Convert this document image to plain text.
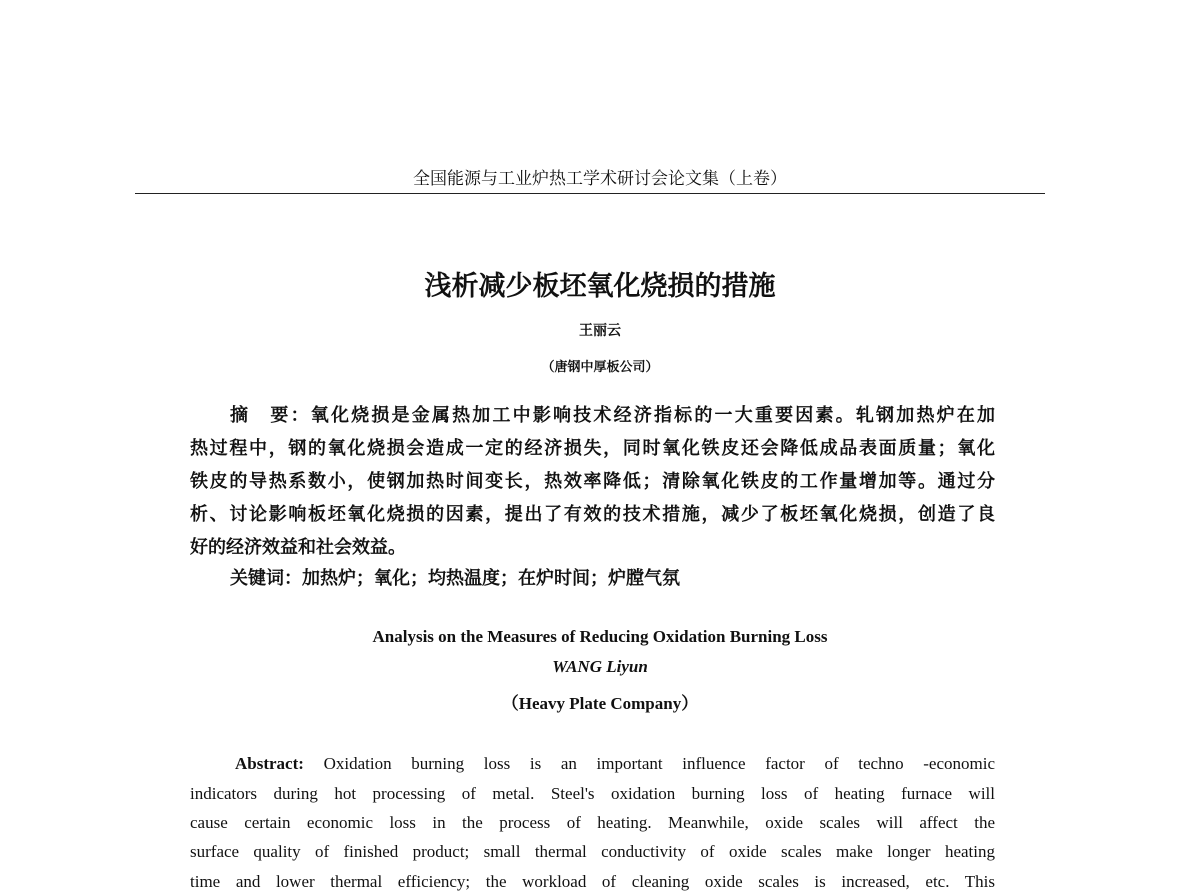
全国能源与工业炉热工学术研讨会论文集（上卷）
浅析减少板坯氧化烧损的措施
王丽云
（唐钢中厚板公司）
摘　要：氧化烧损是金属热加工中影响技术经济指标的一大重要因素。轧钢加热炉在加
热过程中，钢的氧化烧损会造成一定的经济损失，同时氧化铁皮还会降低成品表面质量；氧化
铁皮的导热系数小，使钢加热时间变长，热效率降低；清除氧化铁皮的工作量增加等。通过分
析、讨论影响板坯氧化烧损的因素，提出了有效的技术措施，减少了板坯氧化烧损，创造了良
好的经济效益和社会效益。
关键词：加热炉；氧化；均热温度；在炉时间；炉膛气氛
Analysis on the Measures of Reducing Oxidation Burning Loss
WANG Liyun
（Heavy Plate Company）
Abstract: Oxidation burning loss is an important influence factor of techno -economic
indicators during hot processing of metal. Steel's oxidation burning loss of heating furnace will
cause certain economic loss in the process of heating. Meanwhile, oxide scales will affect the
surface quality of finished product; small thermal conductivity of oxide scales make longer heating
time and lower thermal efficiency; the workload of cleaning oxide scales is increased, etc. This
